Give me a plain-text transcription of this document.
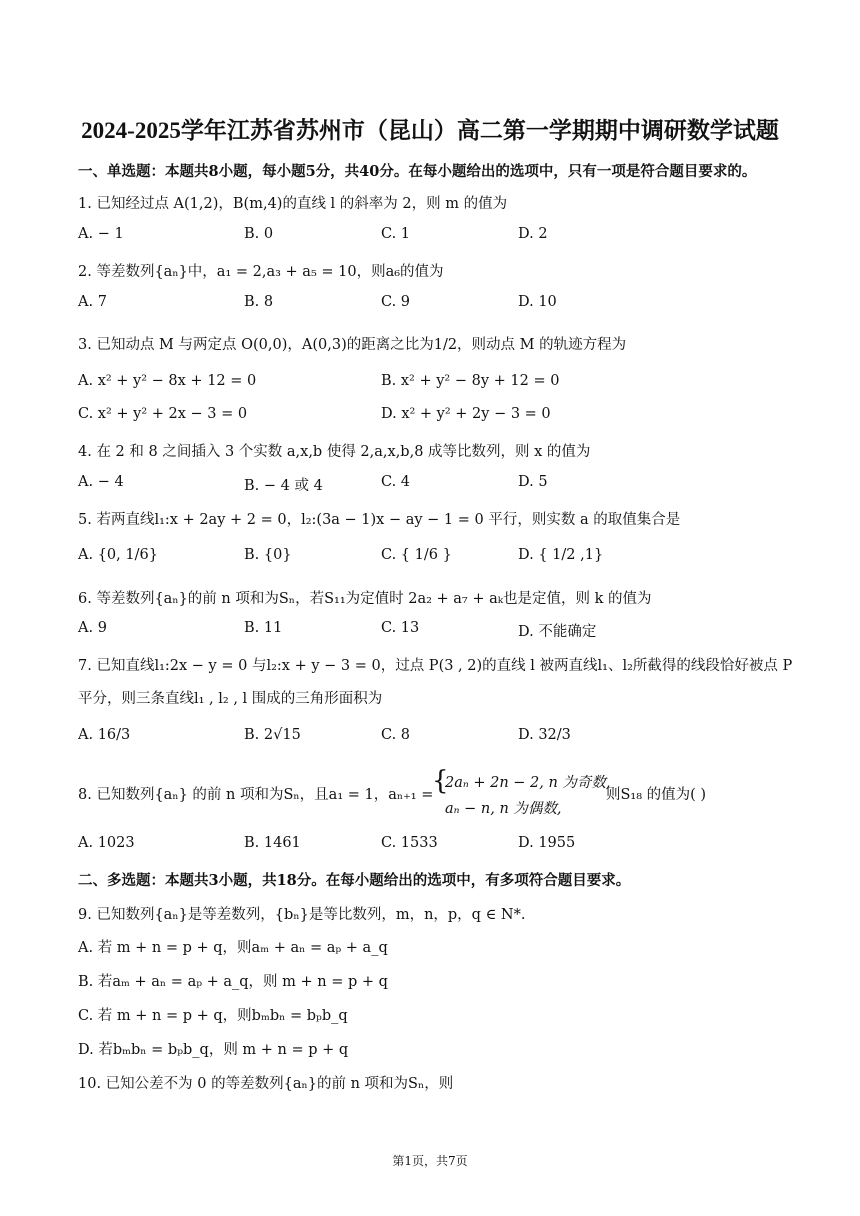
2024-2025学年江苏省苏州市（昆山）高二第一学期期中调研数学试题
一、单选题：本题共8小题，每小题5分，共40分。在每小题给出的选项中，只有一项是符合题目要求的。
1. 已知经过点 A(1,2)，B(m,4)的直线 l 的斜率为 2，则 m 的值为
A. − 1	B. 0	C. 1	D. 2
2. 等差数列{aₙ}中，a₁ = 2,a₃ + a₅ = 10，则a₆的值为
A. 7	B. 8	C. 9	D. 10
3. 已知动点 M 与两定点 O(0,0)，A(0,3)的距离之比为1/2，则动点 M 的轨迹方程为
A. x² + y² − 8x + 12 = 0	B. x² + y² − 8y + 12 = 0
C. x² + y² + 2x − 3 = 0	D. x² + y² + 2y − 3 = 0
4. 在 2 和 8 之间插入 3 个实数 a,x,b 使得 2,a,x,b,8 成等比数列，则 x 的值为
A. − 4	B. − 4 或 4	C. 4	D. 5
5. 若两直线l₁:x + 2ay + 2 = 0，l₂:(3a − 1)x − ay − 1 = 0 平行，则实数 a 的取值集合是
A. {0, 1/6}	B. {0}	C. { 1/6 }	D. { 1/2 ,1}
6. 等差数列{aₙ}的前 n 项和为Sₙ，若S₁₁为定值时 2a₂ + a₇ + aₖ也是定值，则 k 的值为
A. 9	B. 11	C. 13	D. 不能确定
7. 已知直线l₁:2x − y = 0 与l₂:x + y − 3 = 0，过点 P(3 , 2)的直线 l 被两直线l₁、l₂所截得的线段恰好被点 P
平分，则三条直线l₁ , l₂ , l 围成的三角形面积为
A. 16/3	B. 2√15	C. 8	D. 32/3
8. 已知数列{aₙ} 的前 n 项和为Sₙ，且a₁ = 1，aₙ₊₁ =
{
2aₙ + 2n − 2, n 为奇数,
aₙ − n, n 为偶数,
则S₁₈ 的值为( )
A. 1023	B. 1461	C. 1533	D. 1955
二、多选题：本题共3小题，共18分。在每小题给出的选项中，有多项符合题目要求。
9. 已知数列{aₙ}是等差数列，{bₙ}是等比数列，m，n，p，q ∈ N*.
A. 若 m + n = p + q，则aₘ + aₙ = aₚ + a_q
B. 若aₘ + aₙ = aₚ + a_q，则 m + n = p + q
C. 若 m + n = p + q，则bₘbₙ = bₚb_q
D. 若bₘbₙ = bₚb_q，则 m + n = p + q
10. 已知公差不为 0 的等差数列{aₙ}的前 n 项和为Sₙ，则
第1页，共7页
